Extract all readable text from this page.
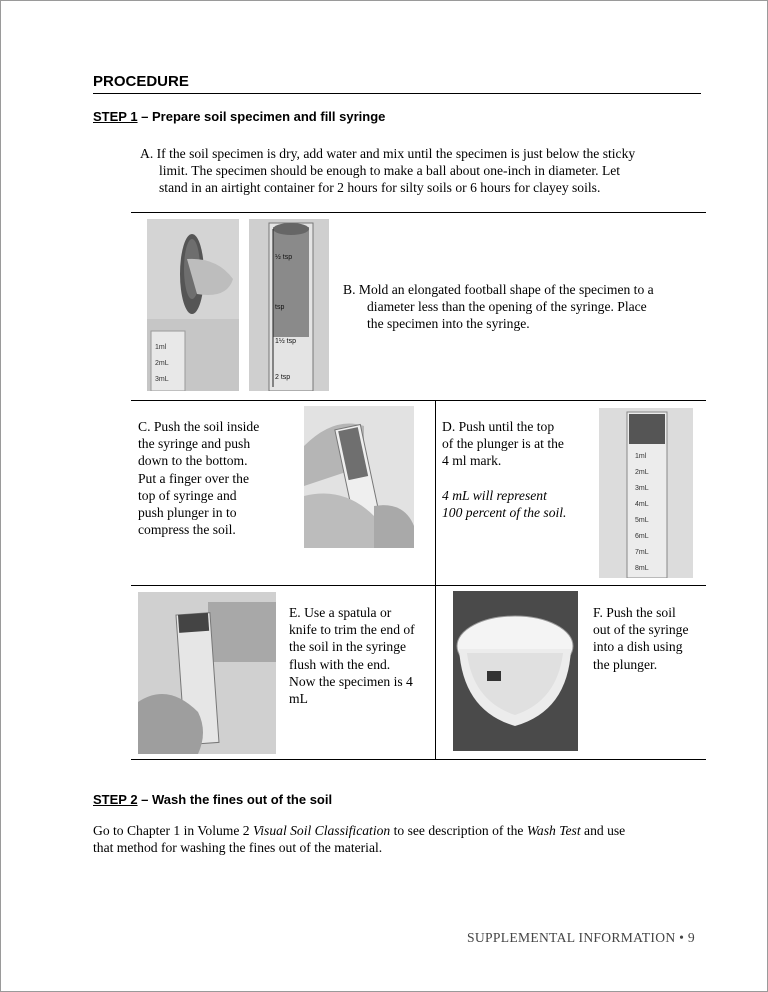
PROCEDURE
STEP 1 – Prepare soil specimen and fill syringe
A. If the soil specimen is dry, add water and mix until the specimen is just below the sticky
limit. The specimen should be enough to make a ball about one-inch in diameter. Let
stand in an airtight container for 2 hours for silty soils or 6 hours for clayey soils.
1ml
2mL
3mL
½ tsp
tsp
1½ tsp
2 tsp
B. Mold an elongated football shape of the specimen to a
diameter less than the opening of the syringe. Place
the specimen into the syringe.
C. Push the soil inside
the syringe and push
down to the bottom.
Put a finger over the
top of syringe and
push plunger in to
compress the soil.
D. Push until the top
of the plunger is at the
4 ml mark.
4 mL will represent
100 percent of the soil.
1ml
2mL
3mL
4mL
5mL
6mL
7mL
8mL
E. Use a spatula or
knife to trim the end of
the soil in the syringe
flush with the end.
Now the specimen is 4
mL
F. Push the soil
out of the syringe
into a dish using
the plunger.
STEP 2 – Wash the fines out of the soil
Go to Chapter 1 in Volume 2 Visual Soil Classification to see description of the Wash Test and use
that method for washing the fines out of the material.
SUPPLEMENTAL INFORMATION • 9
